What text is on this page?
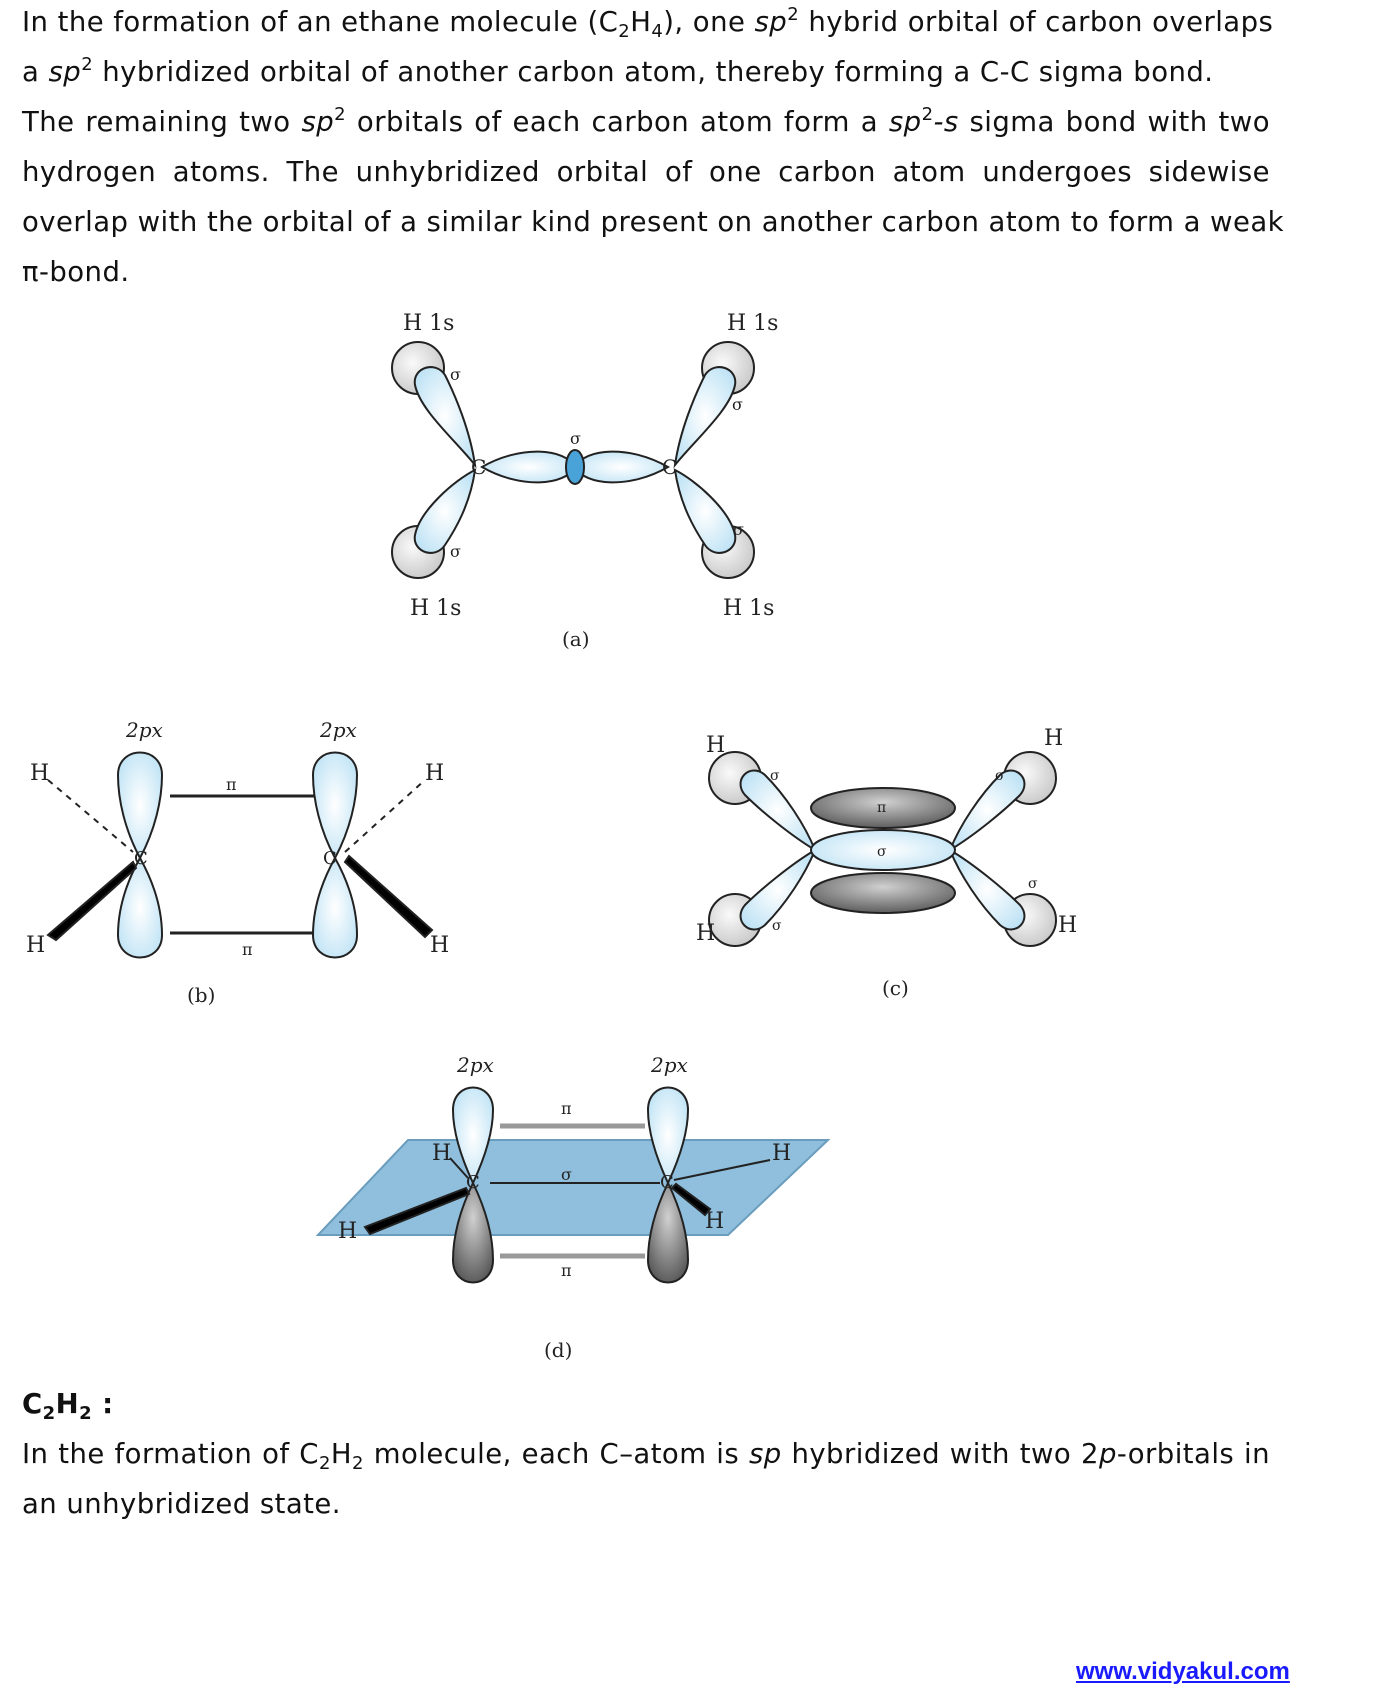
In the formation of an ethane molecule $(C_2H_4)$, one $sp^2$ hybrid orbital of carbon overlaps
a $sp^2$ hybridized orbital of another carbon atom, thereby forming a C-C sigma bond.
The remaining two $sp^2$ orbitals of each carbon atom form a $sp^2-s$ sigma bond with two
hydrogen atoms. The unhybridized orbital of one carbon atom undergoes sidewise
overlap with the orbital of a similar kind present on another carbon atom to form a weak
π-bond.
H 1s	H 1s
H 1s	H 1s
σ
σ
σ
σ
σ
C	C
(a)
2px	2px
π
π
H	H
H	H
C	C
(b)
H	H
H	H
π
σ
σ	σ
σ
σ
(c)
2px	2px
π
σ
π
H	H
H	H
C	C
(d)
$C_2H_2$ :
In the formation of $C_2H_2$ molecule, each C–atom is sp hybridized with two 2p-orbitals in
an unhybridized state.
www.vidyakul.com
